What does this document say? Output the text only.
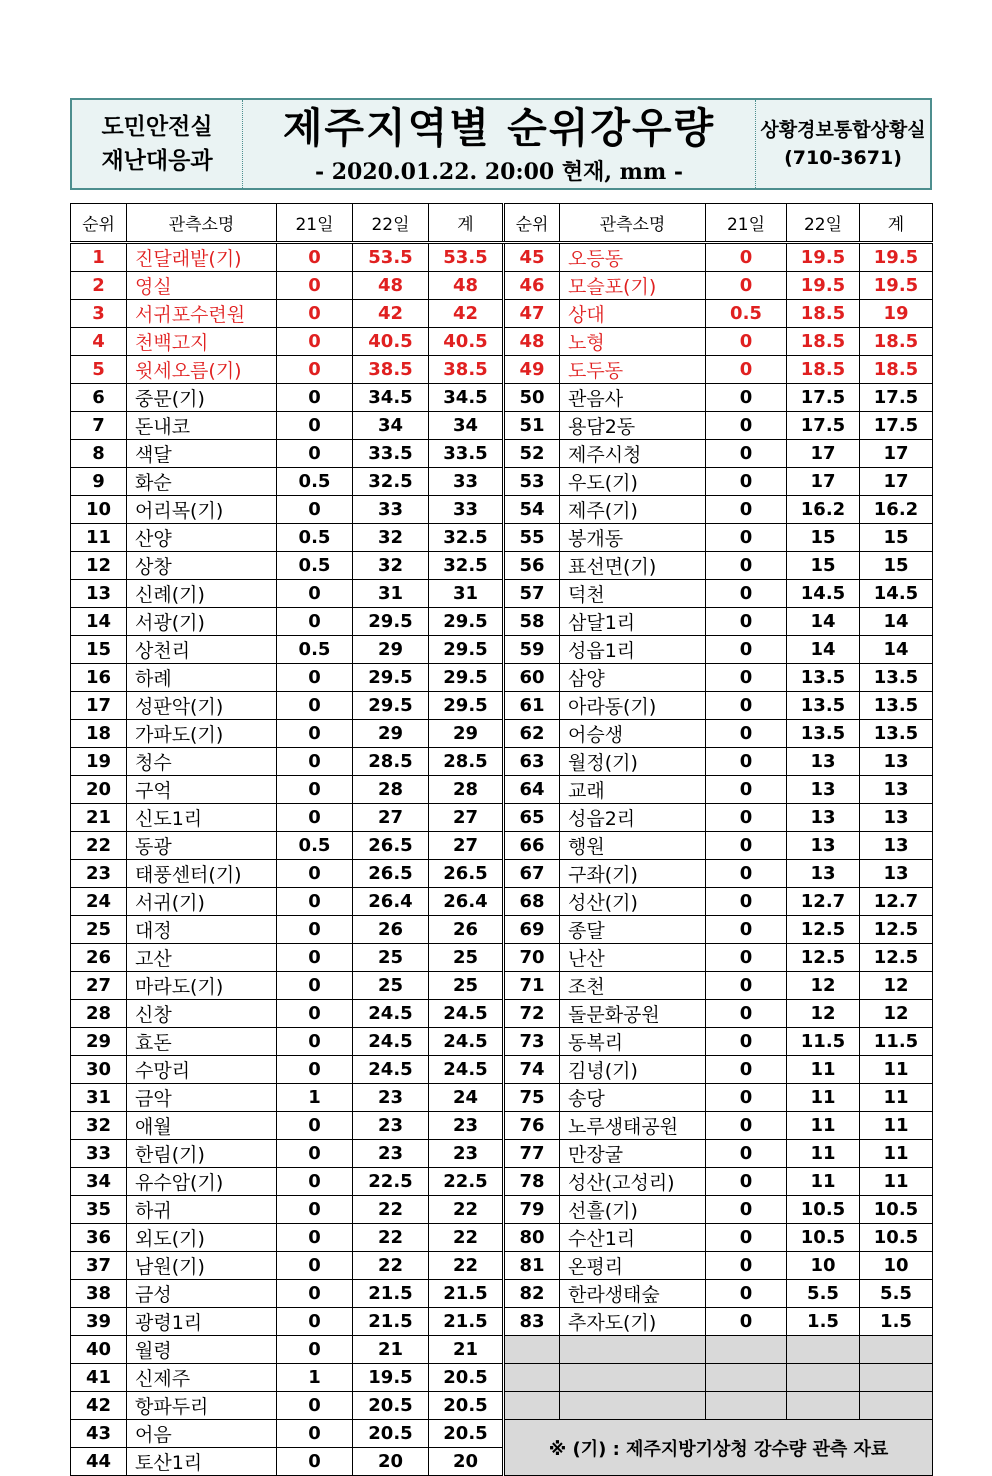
도민안전실
재난대응과
제주지역별 순위강우량
- 2020.01.22. 20:00 현재, mm -
상황경보통합상황실
(710-3671)
순위	관측소명	21일	22일	계	순위	관측소명	21일	22일	계
1	진달래밭(기)	0	53.5	53.5	45	오등동	0	19.5	19.5
2	영실	0	48	48	46	모슬포(기)	0	19.5	19.5
3	서귀포수련원	0	42	42	47	상대	0.5	18.5	19
4	천백고지	0	40.5	40.5	48	노형	0	18.5	18.5
5	윗세오름(기)	0	38.5	38.5	49	도두동	0	18.5	18.5
6	중문(기)	0	34.5	34.5	50	관음사	0	17.5	17.5
7	돈내코	0	34	34	51	용담2동	0	17.5	17.5
8	색달	0	33.5	33.5	52	제주시청	0	17	17
9	화순	0.5	32.5	33	53	우도(기)	0	17	17
10	어리목(기)	0	33	33	54	제주(기)	0	16.2	16.2
11	산양	0.5	32	32.5	55	봉개동	0	15	15
12	상창	0.5	32	32.5	56	표선면(기)	0	15	15
13	신례(기)	0	31	31	57	덕천	0	14.5	14.5
14	서광(기)	0	29.5	29.5	58	삼달1리	0	14	14
15	상천리	0.5	29	29.5	59	성읍1리	0	14	14
16	하례	0	29.5	29.5	60	삼양	0	13.5	13.5
17	성판악(기)	0	29.5	29.5	61	아라동(기)	0	13.5	13.5
18	가파도(기)	0	29	29	62	어승생	0	13.5	13.5
19	청수	0	28.5	28.5	63	월정(기)	0	13	13
20	구억	0	28	28	64	교래	0	13	13
21	신도1리	0	27	27	65	성읍2리	0	13	13
22	동광	0.5	26.5	27	66	행원	0	13	13
23	태풍센터(기)	0	26.5	26.5	67	구좌(기)	0	13	13
24	서귀(기)	0	26.4	26.4	68	성산(기)	0	12.7	12.7
25	대정	0	26	26	69	종달	0	12.5	12.5
26	고산	0	25	25	70	난산	0	12.5	12.5
27	마라도(기)	0	25	25	71	조천	0	12	12
28	신창	0	24.5	24.5	72	돌문화공원	0	12	12
29	효돈	0	24.5	24.5	73	동복리	0	11.5	11.5
30	수망리	0	24.5	24.5	74	김녕(기)	0	11	11
31	금악	1	23	24	75	송당	0	11	11
32	애월	0	23	23	76	노루생태공원	0	11	11
33	한림(기)	0	23	23	77	만장굴	0	11	11
34	유수암(기)	0	22.5	22.5	78	성산(고성리)	0	11	11
35	하귀	0	22	22	79	선흘(기)	0	10.5	10.5
36	외도(기)	0	22	22	80	수산1리	0	10.5	10.5
37	남원(기)	0	22	22	81	온평리	0	10	10
38	금성	0	21.5	21.5	82	한라생태숲	0	5.5	5.5
39	광령1리	0	21.5	21.5	83	추자도(기)	0	1.5	1.5
40	월령	0	21	21					
41	신제주	1	19.5	20.5					
42	항파두리	0	20.5	20.5					
43	어음	0	20.5	20.5	※ (기) : 제주지방기상청 강수량 관측 자료				
44	토산1리	0	20	20					
